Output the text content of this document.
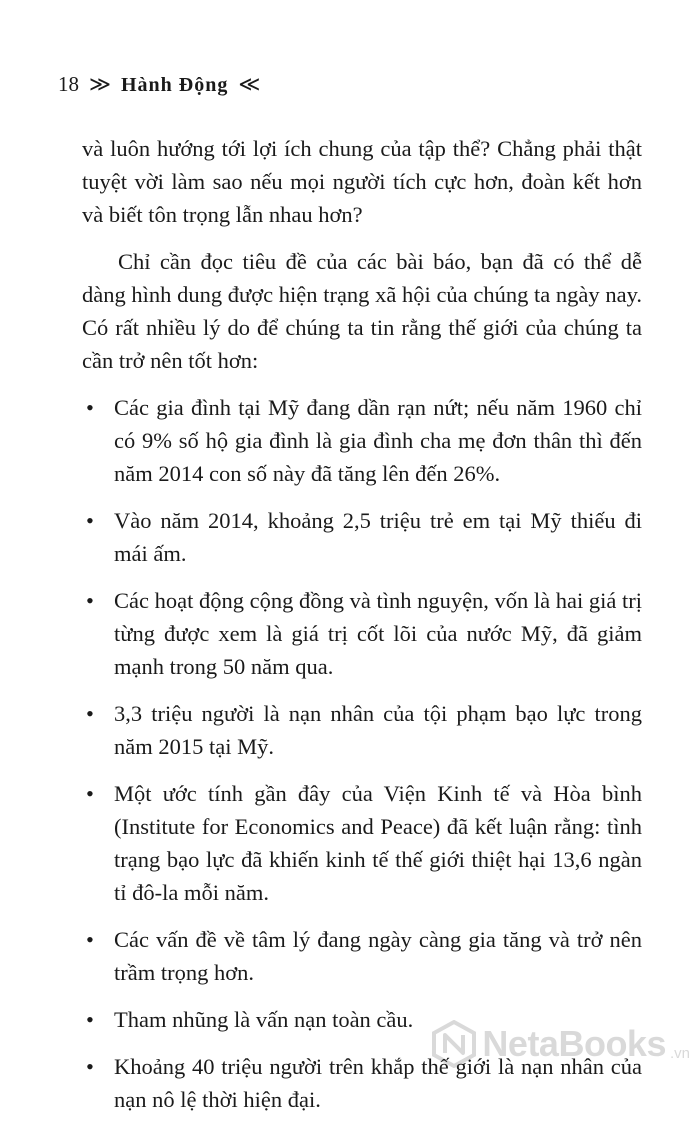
18 ≫ Hành Động ≪

và luôn hướng tới lợi ích chung của tập thể? Chẳng phải thật tuyệt vời làm sao nếu mọi người tích cực hơn, đoàn kết hơn và biết tôn trọng lẫn nhau hơn?

Chỉ cần đọc tiêu đề của các bài báo, bạn đã có thể dễ dàng hình dung được hiện trạng xã hội của chúng ta ngày nay. Có rất nhiều lý do để chúng ta tin rằng thế giới của chúng ta cần trở nên tốt hơn:

• Các gia đình tại Mỹ đang dần rạn nứt; nếu năm 1960 chỉ có 9% số hộ gia đình là gia đình cha mẹ đơn thân thì đến năm 2014 con số này đã tăng lên đến 26%.
• Vào năm 2014, khoảng 2,5 triệu trẻ em tại Mỹ thiếu đi mái ấm.
• Các hoạt động cộng đồng và tình nguyện, vốn là hai giá trị từng được xem là giá trị cốt lõi của nước Mỹ, đã giảm mạnh trong 50 năm qua.
• 3,3 triệu người là nạn nhân của tội phạm bạo lực trong năm 2015 tại Mỹ.
• Một ước tính gần đây của Viện Kinh tế và Hòa bình (Institute for Economics and Peace) đã kết luận rằng: tình trạng bạo lực đã khiến kinh tế thế giới thiệt hại 13,6 ngàn tỉ đô-la mỗi năm.
• Các vấn đề về tâm lý đang ngày càng gia tăng và trở nên trầm trọng hơn.
• Tham nhũng là vấn nạn toàn cầu.
• Khoảng 40 triệu người trên khắp thế giới là nạn nhân của nạn nô lệ thời hiện đại.
NetaBooks .vn
